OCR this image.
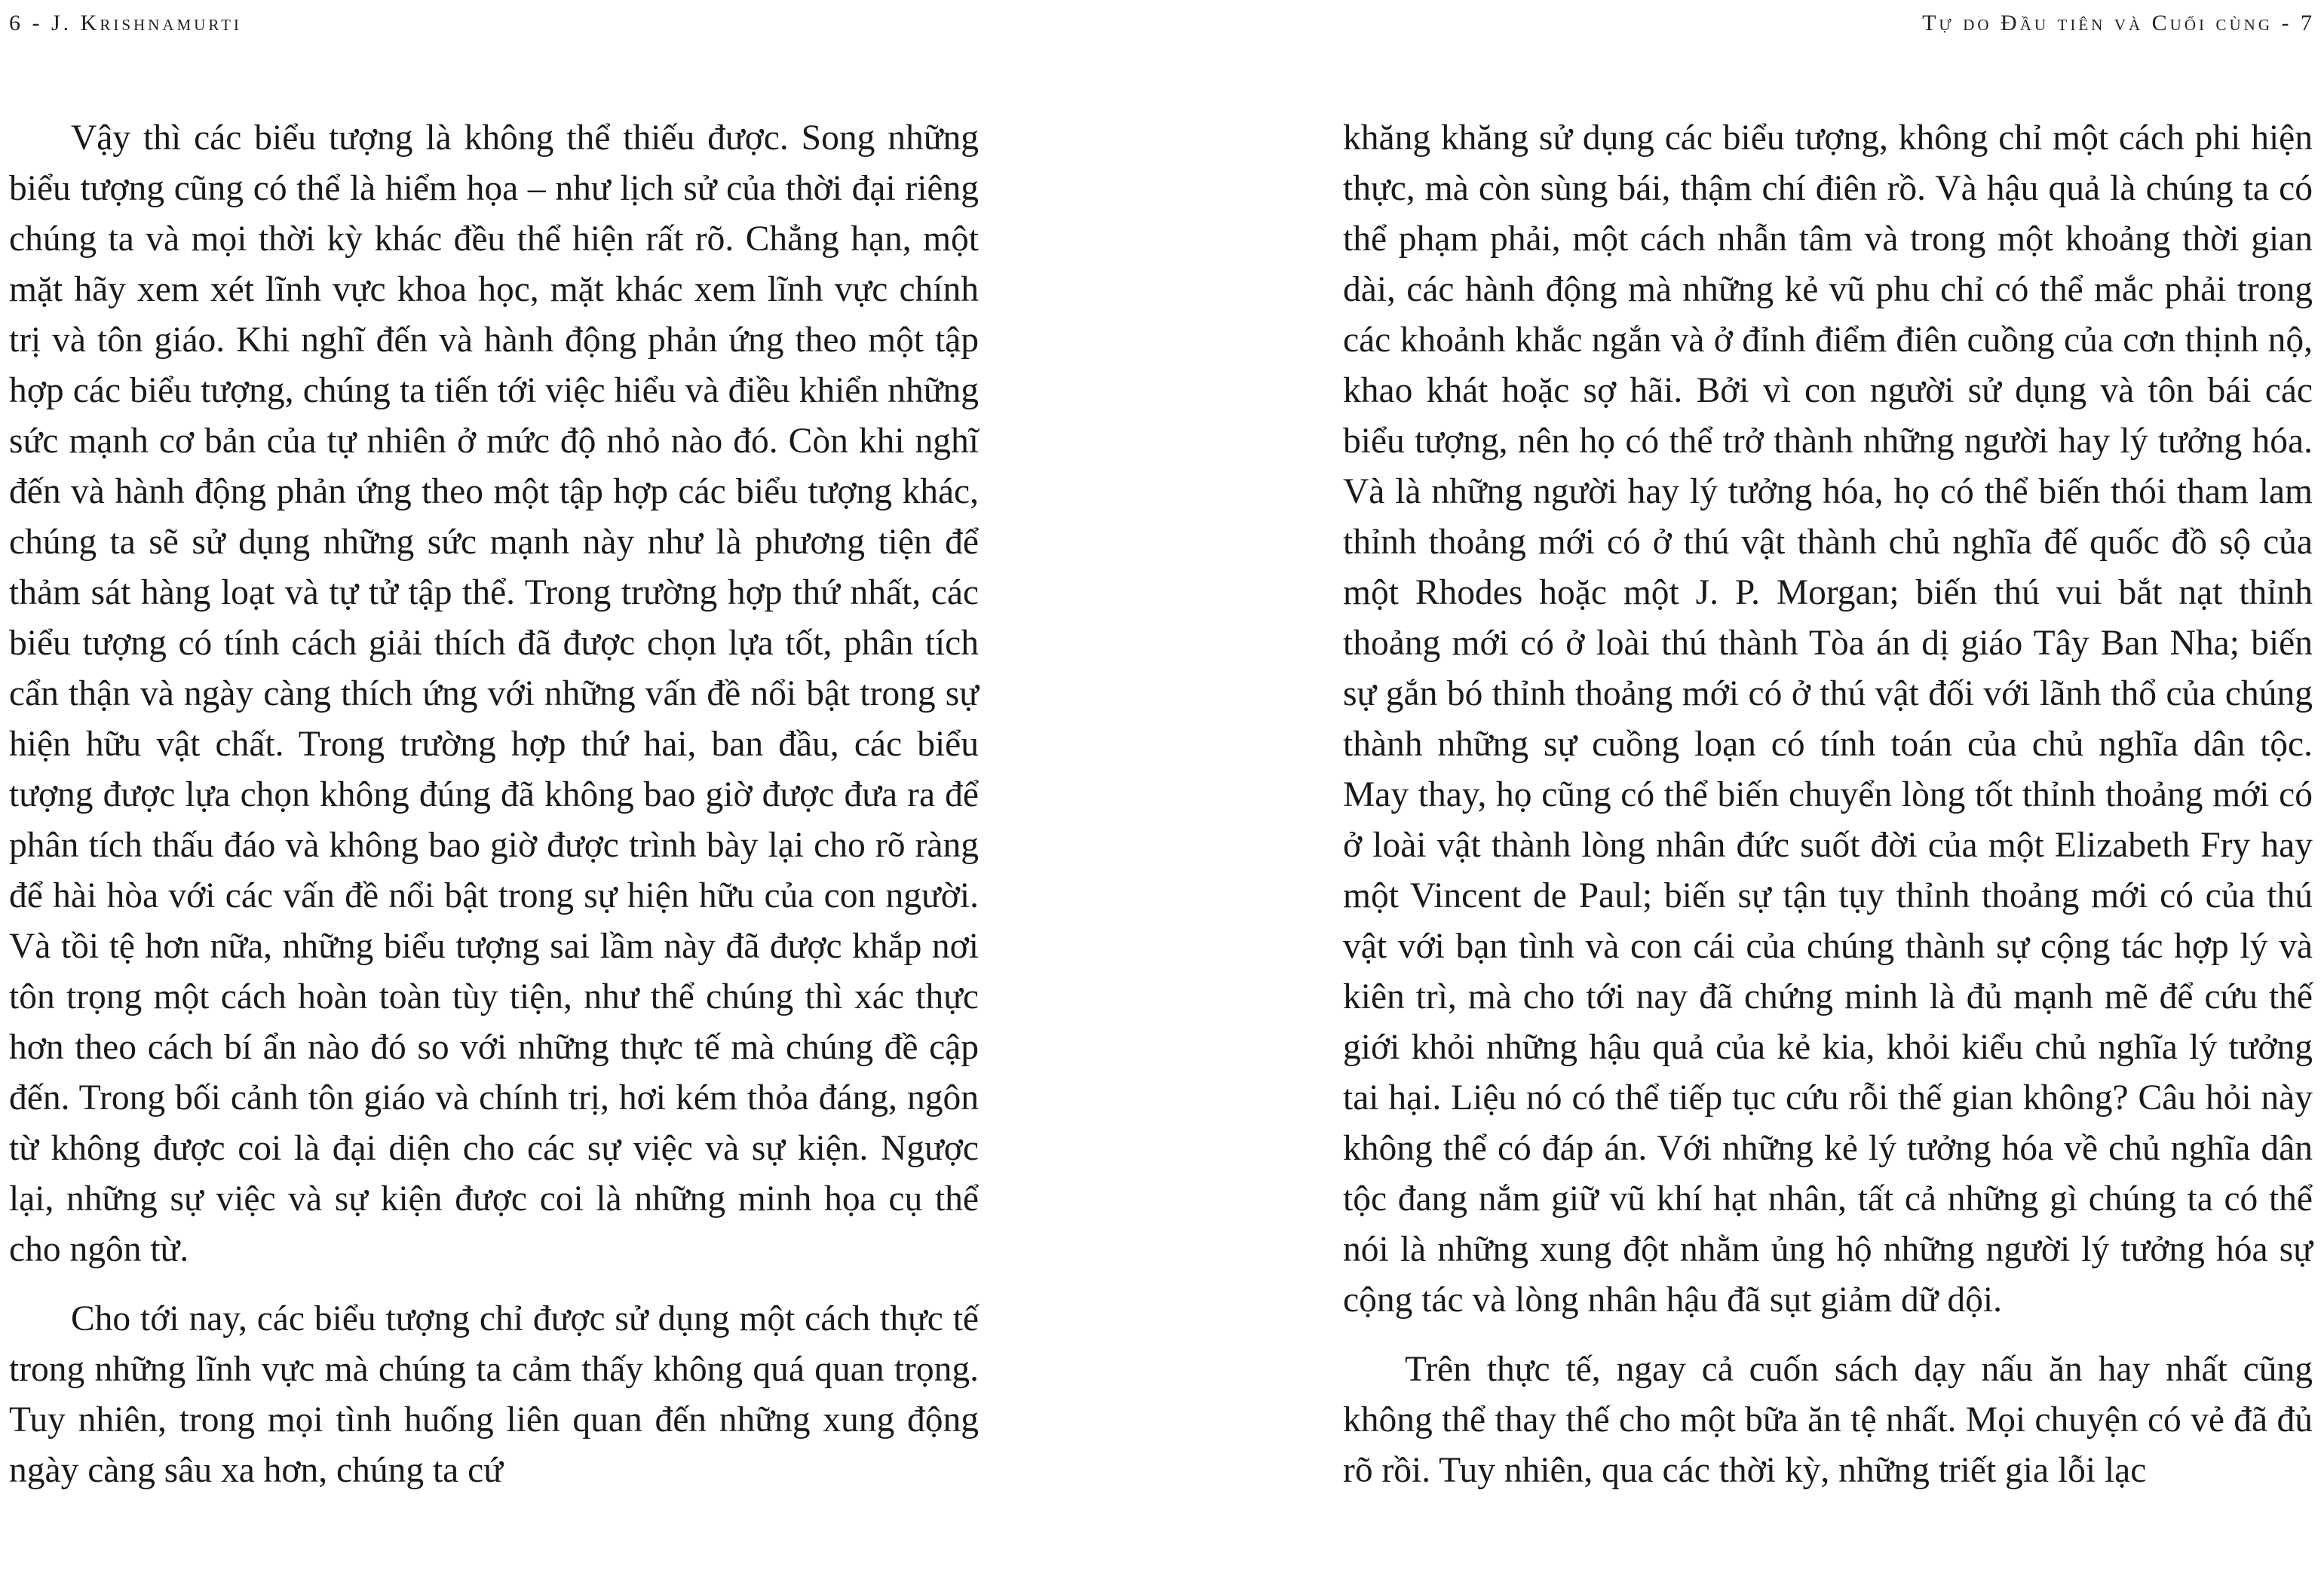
6 - J. Krishnamurti

Vậy thì các biểu tượng là không thể thiếu được. Song những biểu tượng cũng có thể là hiểm họa – như lịch sử của thời đại riêng chúng ta và mọi thời kỳ khác đều thể hiện rất rõ. Chẳng hạn, một mặt hãy xem xét lĩnh vực khoa học, mặt khác xem lĩnh vực chính trị và tôn giáo. Khi nghĩ đến và hành động phản ứng theo một tập hợp các biểu tượng, chúng ta tiến tới việc hiểu và điều khiển những sức mạnh cơ bản của tự nhiên ở mức độ nhỏ nào đó. Còn khi nghĩ đến và hành động phản ứng theo một tập hợp các biểu tượng khác, chúng ta sẽ sử dụng những sức mạnh này như là phương tiện để thảm sát hàng loạt và tự tử tập thể. Trong trường hợp thứ nhất, các biểu tượng có tính cách giải thích đã được chọn lựa tốt, phân tích cẩn thận và ngày càng thích ứng với những vấn đề nổi bật trong sự hiện hữu vật chất. Trong trường hợp thứ hai, ban đầu, các biểu tượng được lựa chọn không đúng đã không bao giờ được đưa ra để phân tích thấu đáo và không bao giờ được trình bày lại cho rõ ràng để hài hòa với các vấn đề nổi bật trong sự hiện hữu của con người. Và tồi tệ hơn nữa, những biểu tượng sai lầm này đã được khắp nơi tôn trọng một cách hoàn toàn tùy tiện, như thể chúng thì xác thực hơn theo cách bí ẩn nào đó so với những thực tế mà chúng đề cập đến. Trong bối cảnh tôn giáo và chính trị, hơi kém thỏa đáng, ngôn từ không được coi là đại diện cho các sự việc và sự kiện. Ngược lại, những sự việc và sự kiện được coi là những minh họa cụ thể cho ngôn từ.

Cho tới nay, các biểu tượng chỉ được sử dụng một cách thực tế trong những lĩnh vực mà chúng ta cảm thấy không quá quan trọng. Tuy nhiên, trong mọi tình huống liên quan đến những xung động ngày càng sâu xa hơn, chúng ta cứ

Tự do Đầu tiên và Cuối cùng - 7

khăng khăng sử dụng các biểu tượng, không chỉ một cách phi hiện thực, mà còn sùng bái, thậm chí điên rồ. Và hậu quả là chúng ta có thể phạm phải, một cách nhẫn tâm và trong một khoảng thời gian dài, các hành động mà những kẻ vũ phu chỉ có thể mắc phải trong các khoảnh khắc ngắn và ở đỉnh điểm điên cuồng của cơn thịnh nộ, khao khát hoặc sợ hãi. Bởi vì con người sử dụng và tôn bái các biểu tượng, nên họ có thể trở thành những người hay lý tưởng hóa. Và là những người hay lý tưởng hóa, họ có thể biến thói tham lam thỉnh thoảng mới có ở thú vật thành chủ nghĩa đế quốc đồ sộ của một Rhodes hoặc một J. P. Morgan; biến thú vui bắt nạt thỉnh thoảng mới có ở loài thú thành Tòa án dị giáo Tây Ban Nha; biến sự gắn bó thỉnh thoảng mới có ở thú vật đối với lãnh thổ của chúng thành những sự cuồng loạn có tính toán của chủ nghĩa dân tộc. May thay, họ cũng có thể biến chuyển lòng tốt thỉnh thoảng mới có ở loài vật thành lòng nhân đức suốt đời của một Elizabeth Fry hay một Vincent de Paul; biến sự tận tụy thỉnh thoảng mới có của thú vật với bạn tình và con cái của chúng thành sự cộng tác hợp lý và kiên trì, mà cho tới nay đã chứng minh là đủ mạnh mẽ để cứu thế giới khỏi những hậu quả của kẻ kia, khỏi kiểu chủ nghĩa lý tưởng tai hại. Liệu nó có thể tiếp tục cứu rỗi thế gian không? Câu hỏi này không thể có đáp án. Với những kẻ lý tưởng hóa về chủ nghĩa dân tộc đang nắm giữ vũ khí hạt nhân, tất cả những gì chúng ta có thể nói là những xung đột nhằm ủng hộ những người lý tưởng hóa sự cộng tác và lòng nhân hậu đã sụt giảm dữ dội.

Trên thực tế, ngay cả cuốn sách dạy nấu ăn hay nhất cũng không thể thay thế cho một bữa ăn tệ nhất. Mọi chuyện có vẻ đã đủ rõ rồi. Tuy nhiên, qua các thời kỳ, những triết gia lỗi lạc
